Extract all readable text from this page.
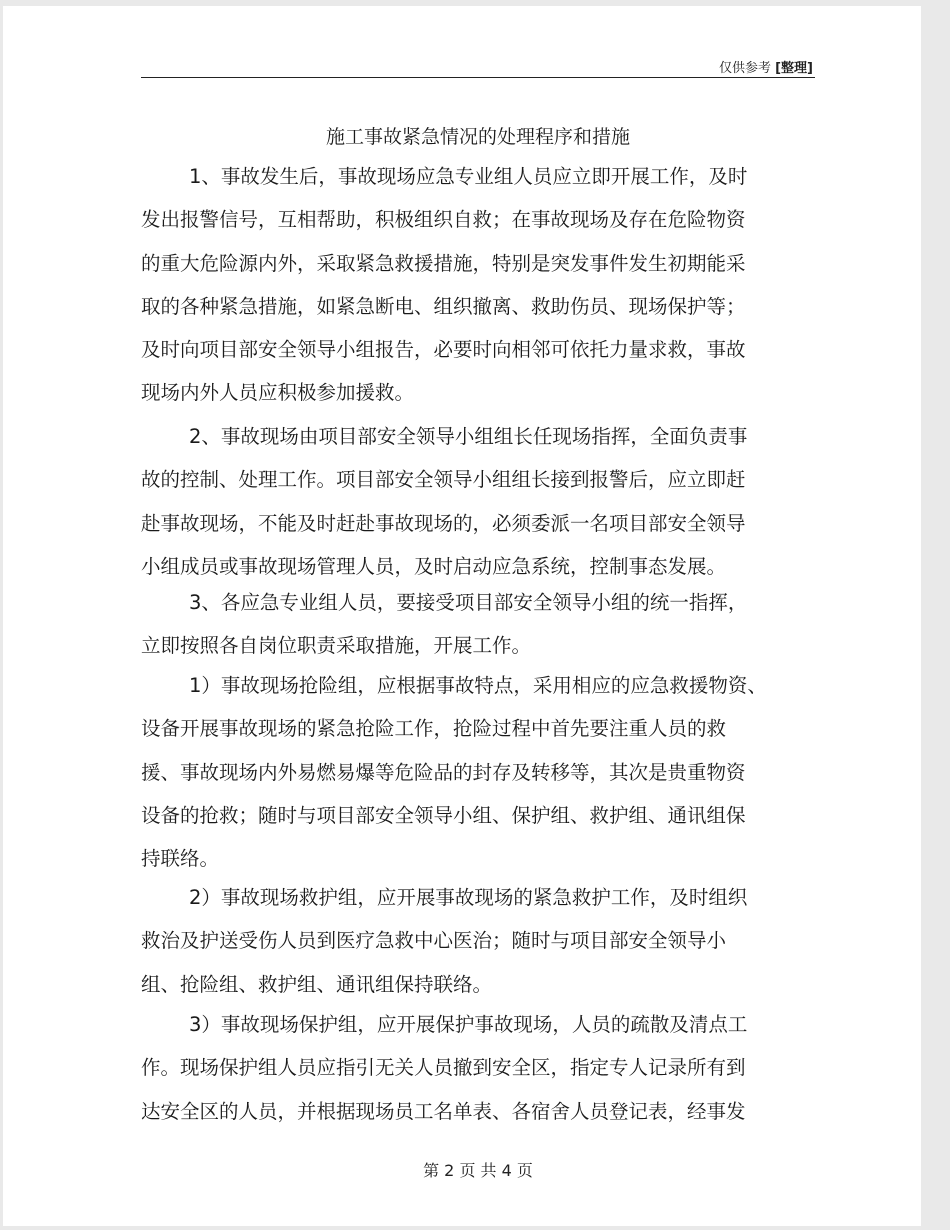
仅供参考 [整理]
施工事故紧急情况的处理程序和措施
1、事故发生后，事故现场应急专业组人员应立即开展工作，及时
发出报警信号，互相帮助，积极组织自救；在事故现场及存在危险物资
的重大危险源内外，采取紧急救援措施，特别是突发事件发生初期能采
取的各种紧急措施，如紧急断电、组织撤离、救助伤员、现场保护等；
及时向项目部安全领导小组报告，必要时向相邻可依托力量求救，事故
现场内外人员应积极参加援救。
2、事故现场由项目部安全领导小组组长任现场指挥，全面负责事
故的控制、处理工作。项目部安全领导小组组长接到报警后，应立即赶
赴事故现场，不能及时赶赴事故现场的，必须委派一名项目部安全领导
小组成员或事故现场管理人员，及时启动应急系统，控制事态发展。
3、各应急专业组人员，要接受项目部安全领导小组的统一指挥，
立即按照各自岗位职责采取措施，开展工作。
1）事故现场抢险组，应根据事故特点，采用相应的应急救援物资、
设备开展事故现场的紧急抢险工作，抢险过程中首先要注重人员的救
援、事故现场内外易燃易爆等危险品的封存及转移等，其次是贵重物资
设备的抢救；随时与项目部安全领导小组、保护组、救护组、通讯组保
持联络。
2）事故现场救护组，应开展事故现场的紧急救护工作，及时组织
救治及护送受伤人员到医疗急救中心医治；随时与项目部安全领导小
组、抢险组、救护组、通讯组保持联络。
3）事故现场保护组，应开展保护事故现场，人员的疏散及清点工
作。现场保护组人员应指引无关人员撤到安全区，指定专人记录所有到
达安全区的人员，并根据现场员工名单表、各宿舍人员登记表，经事发
第 2 页 共 4 页
